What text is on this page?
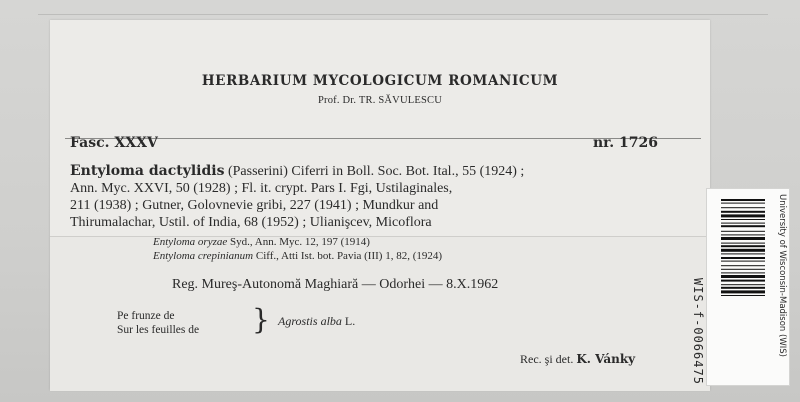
HERBARIUM MYCOLOGICUM ROMANICUM
Prof. Dr. TR. SĂVULESCU
Fasc. XXXV	nr. 1726
Entyloma dactylidis (Passerini) Ciferri in Boll. Soc. Bot. Ital., 55 (1924) ;
Ann. Myc. XXVI, 50 (1928) ; Fl. it. crypt. Pars I. Fgi, Ustilaginales,
211 (1938) ; Gutner, Golovnevie gribi, 227 (1941) ; Mundkur and
Thirumalachar, Ustil. of India, 68 (1952) ; Ulianişcev, Micoflora
Entyloma oryzae Syd., Ann. Myc. 12, 197 (1914)
Entyloma crepinianum Ciff., Atti Ist. bot. Pavia (III) 1, 82, (1924)
Reg. Mureş-Autonomă Maghiară — Odorhei — 8.X.1962
Pe frunze de
Sur les feuilles de } Agrostis alba L.
Rec. şi det. K. Vánky	WIS-f-0066475	University of Wisconsin-Madison (WIS)
